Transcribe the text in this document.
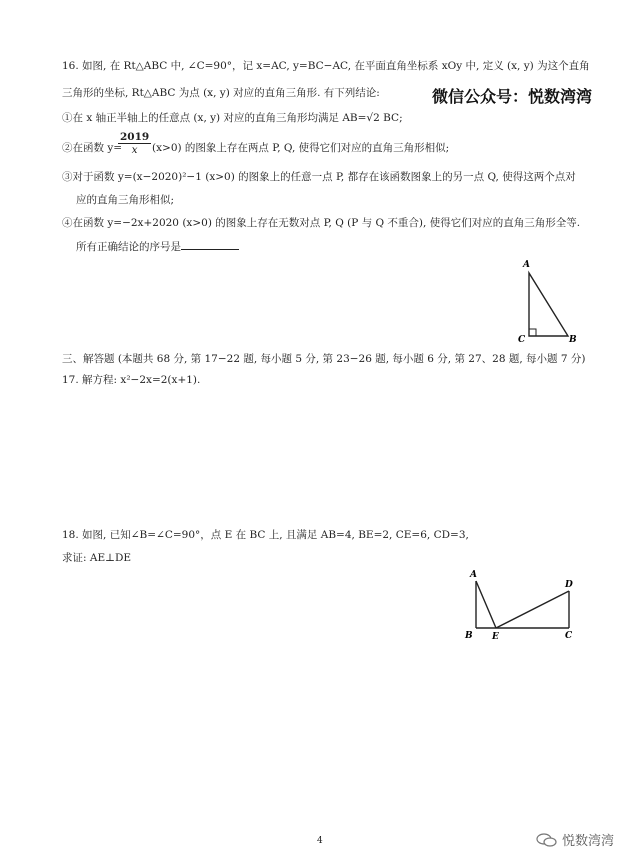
微信公众号：悦数湾湾
16. 如图, 在 Rt△ABC 中, ∠C=90°，记 x=AC, y=BC−AC, 在平面直角坐标系 xOy 中, 定义 (x, y) 为这个直角
三角形的坐标, Rt△ABC 为点 (x, y) 对应的直角三角形. 有下列结论:
①在 x 轴正半轴上的任意点 (x, y) 对应的直角三角形均满足 AB=√2 BC;
②在函数 y=
$\frac{2019}{x} (x>0)$ 的图象上存在两点 P, Q, 使得它们对应的直角三角形相似;
③对于函数 y=(x−2020)²−1 (x>0) 的图象上的任意一点 P, 都存在该函数图象上的另一点 Q, 使得这两个点对
应的直角三角形相似;
④在函数 y=−2x+2020 (x>0) 的图象上存在无数对点 P, Q (P 与 Q 不重合), 使得它们对应的直角三角形全等.
所有正确结论的序号是
A
C	B
三、解答题 (本题共 68 分, 第 17−22 题, 每小题 5 分, 第 23−26 题, 每小题 6 分, 第 27、28 题, 每小题 7 分)
17. 解方程: x²−2x=2(x+1).
18. 如图, 已知∠B=∠C=90°，点 E 在 BC 上, 且满足 AB=4, BE=2, CE=6, CD=3,
求证: AE⊥DE
A
B E	C
D
4	悦数湾湾
